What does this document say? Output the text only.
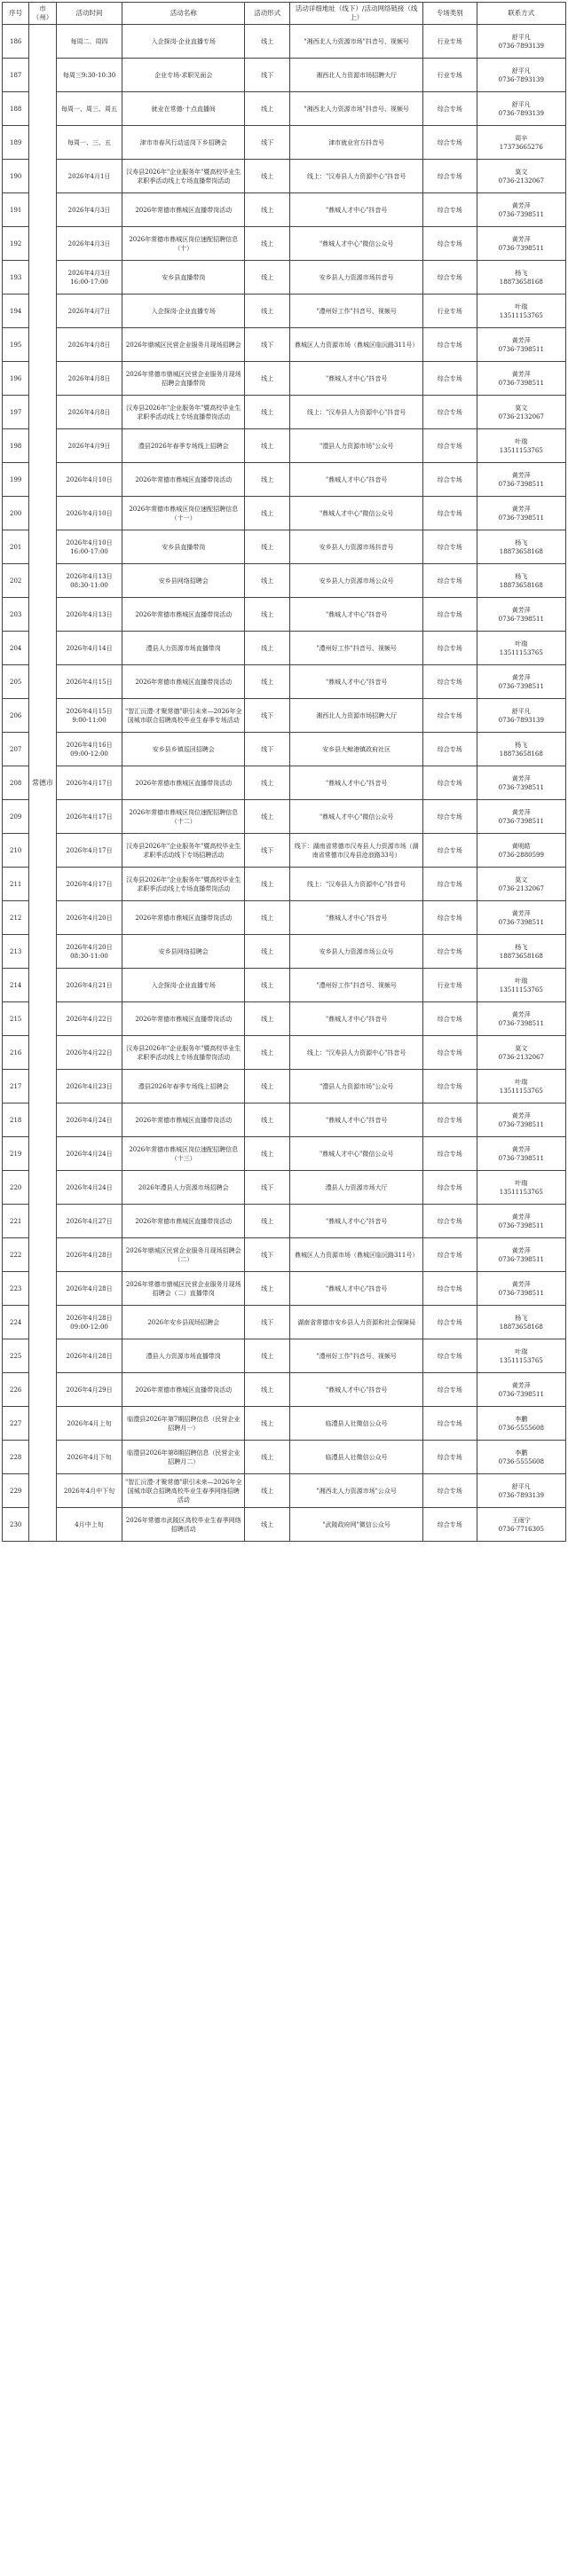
序号	市（州）	活动时间	活动名称	活动形式	活动详细地址（线下）/活动网络链接（线上）	专场类别	联系方式
186	常德市	每周二、周四	入企探岗·企业直播专场	线上	"湘西北人力资源市场"抖音号、视频号	行业专场	舒平凡
0736-7893139
187		每周三9:30-10:30	企业专场·求职见面会	线下	湘西北人力资源市场招聘大厅	行业专场	舒平凡
0736-7893139
188		每周一、周三、周五	就业在常德·十点直播间	线上	"湘西北人力资源市场"抖音号、视频号	综合专场	舒平凡
0736-7893139
189		每周一、三、五	津市市春风行动送岗下乡招聘会	线下	津市就业官方抖音号	综合专场	周辛
17373665276
190		2026年4月1日	汉寿县2026年"企业服务年"暨高校毕业生求职季活动线上专场直播带岗活动	线上	线上："汉寿县人力资源中心"抖音号	综合专场	莫文
0736-2132067
191		2026年4月3日	2026年常德市鼎城区直播带岗活动	线上	"鼎城人才中心"抖音号	综合专场	黄芳萍
0736-7398511
192		2026年4月3日	2026年常德市鼎城区岗位速配招聘信息（十）	线上	"鼎城人才中心"微信公众号	综合专场	黄芳萍
0736-7398511
193		2026年4月3日
16:00-17:00	安乡县直播带岗	线上	安乡县人力资源市场抖音号	综合专场	杨飞
18873658168
194		2026年4月7日	入企探岗·企业直播专场	线上	"澧州好工作"抖音号、视频号	行业专场	叶瑞
13511153765
195		2026年4月8日	2026年鼎城区民营企业服务月现场招聘会	线下	鼎城区人力资源市场（鼎城区临沅路311号）	综合专场	黄芳萍
0736-7398511
196		2026年4月8日	2026年常德市鼎城区民营企业服务月现场招聘会直播带岗	线上	"鼎城人才中心"抖音号	综合专场	黄芳萍
0736-7398511
197		2026年4月8日	汉寿县2026年"企业服务年"暨高校毕业生求职季活动线上专场直播带岗活动	线上	线上："汉寿县人力资源中心"抖音号	综合专场	莫文
0736-2132067
198		2026年4月9日	澧县2026年春季专场线上招聘会	线上	"澧县人力资源市场"公众号	综合专场	叶瑞
13511153765
199		2026年4月10日	2026年常德市鼎城区直播带岗活动	线上	"鼎城人才中心"抖音号	综合专场	黄芳萍
0736-7398511
200		2026年4月10日	2026年常德市鼎城区岗位速配招聘信息（十一）	线上	"鼎城人才中心"微信公众号	综合专场	黄芳萍
0736-7398511
201		2026年4月10日
16:00-17:00	安乡县直播带岗	线上	安乡县人力资源市场抖音号	综合专场	杨飞
18873658168
202		2026年4月13日
08:30-11:00	安乡县网络招聘会	线上	安乡县人力资源市场公众号	综合专场	杨飞
18873658168
203		2026年4月13日	2026年常德市鼎城区直播带岗活动	线上	"鼎城人才中心"抖音号	综合专场	黄芳萍
0736-7398511
204		2026年4月14日	澧县人力资源市场直播带岗	线上	"澧州好工作"抖音号、视频号	综合专场	叶瑞
13511153765
205		2026年4月15日	2026年常德市鼎城区直播带岗活动	线上	"鼎城人才中心"抖音号	综合专场	黄芳萍
0736-7398511
206		2026年4月15日
9:00-11:00	"智汇沅澧·才聚常德"职引未来—2026年全国城市联合招聘高校毕业生春季专场活动	线下	湘西北人力资源市场招聘大厅	综合专场	舒平凡
0736-7893139
207		2026年4月16日
09:00-12:00	安乡县乡镇巡回招聘会	线下	安乡县大鲸港镇政府社区	综合专场	杨飞
18873658168
208		2026年4月17日	2026年常德市鼎城区直播带岗活动	线上	"鼎城人才中心"抖音号	综合专场	黄芳萍
0736-7398511
209		2026年4月17日	2026年常德市鼎城区岗位速配招聘信息（十二）	线上	"鼎城人才中心"微信公众号	综合专场	黄芳萍
0736-7398511
210		2026年4月17日	汉寿县2026年"企业服务年"暨高校毕业生求职季活动线下专场招聘活动	线下	线下：湖南省常德市汉寿县人力资源市场（湖南省常德市汉寿县沧浪路33号）	综合专场	黄明皓
0736-2880599
211		2026年4月17日	汉寿县2026年"企业服务年"暨高校毕业生求职季活动线上专场直播带岗活动	线上	线上："汉寿县人力资源中心"抖音号	综合专场	莫文
0736-2132067
212		2026年4月20日	2026年常德市鼎城区直播带岗活动	线上	"鼎城人才中心"抖音号	综合专场	黄芳萍
0736-7398511
213		2026年4月20日
08:30-11:00	安乡县网络招聘会	线上	安乡县人力资源市场公众号	综合专场	杨飞
18873658168
214		2026年4月21日	入企探岗·企业直播专场	线上	"澧州好工作"抖音号、视频号	行业专场	叶瑞
13511153765
215		2026年4月22日	2026年常德市鼎城区直播带岗活动	线上	"鼎城人才中心"抖音号	综合专场	黄芳萍
0736-7398511
216		2026年4月22日	汉寿县2026年"企业服务年"暨高校毕业生求职季活动线上专场直播带岗活动	线上	线上："汉寿县人力资源中心"抖音号	综合专场	莫文
0736-2132067
217		2026年4月23日	澧县2026年春季专场线上招聘会	线上	"澧县人力资源市场"公众号	综合专场	叶瑞
13511153765
218		2026年4月24日	2026年常德市鼎城区直播带岗活动	线上	"鼎城人才中心"抖音号	综合专场	黄芳萍
0736-7398511
219		2026年4月24日	2026年常德市鼎城区岗位速配招聘信息（十三）	线上	"鼎城人才中心"微信公众号	综合专场	黄芳萍
0736-7398511
220		2026年4月24日	2026年澧县人力资源市场招聘会	线下	澧县人力资源市场大厅	综合专场	叶瑞
13511153765
221		2026年4月27日	2026年常德市鼎城区直播带岗活动	线上	"鼎城人才中心"抖音号	综合专场	黄芳萍
0736-7398511
222		2026年4月28日	2026年鼎城区民营企业服务月现场招聘会（二）	线下	鼎城区人力资源市场（鼎城区临沅路311号）	综合专场	黄芳萍
0736-7398511
223		2026年4月28日	2026年常德市鼎城区民营企业服务月现场招聘会（二）直播带岗	线上	"鼎城人才中心"抖音号	综合专场	黄芳萍
0736-7398511
224		2026年4月28日
09:00-12:00	2026年安乡县现场招聘会	线下	湖南省常德市安乡县人力资源和社会保障局	综合专场	杨飞
18873658168
225		2026年4月28日	澧县人力资源市场直播带岗	线上	"澧州好工作"抖音号、视频号	综合专场	叶瑞
13511153765
226		2026年4月29日	2026年常德市鼎城区直播带岗活动	线上	"鼎城人才中心"抖音号	综合专场	黄芳萍
0736-7398511
227		2026年4月上旬	临澧县2026年第7期招聘信息（民营企业招聘月一）	线上	临澧县人社微信公众号	综合专场	李鹏
0736-5555608
228		2026年4月下旬	临澧县2026年第8期招聘信息（民营企业招聘月二）	线上	临澧县人社微信公众号	综合专场	李鹏
0736-5555608
229		2026年4月中下旬	"智汇沅澧·才聚常德"职引未来—2026年全国城市联合招聘高校毕业生春季网络招聘活动	线上	"湘西北人力资源市场"公众号	综合专场	舒平凡
0736-7893139
230		4月中上旬	2026年常德市武陵区高校毕业生春季网络招聘活动	线上	"武陵政府网"微信公众号	综合专场	王雨宁
0736-7716305
